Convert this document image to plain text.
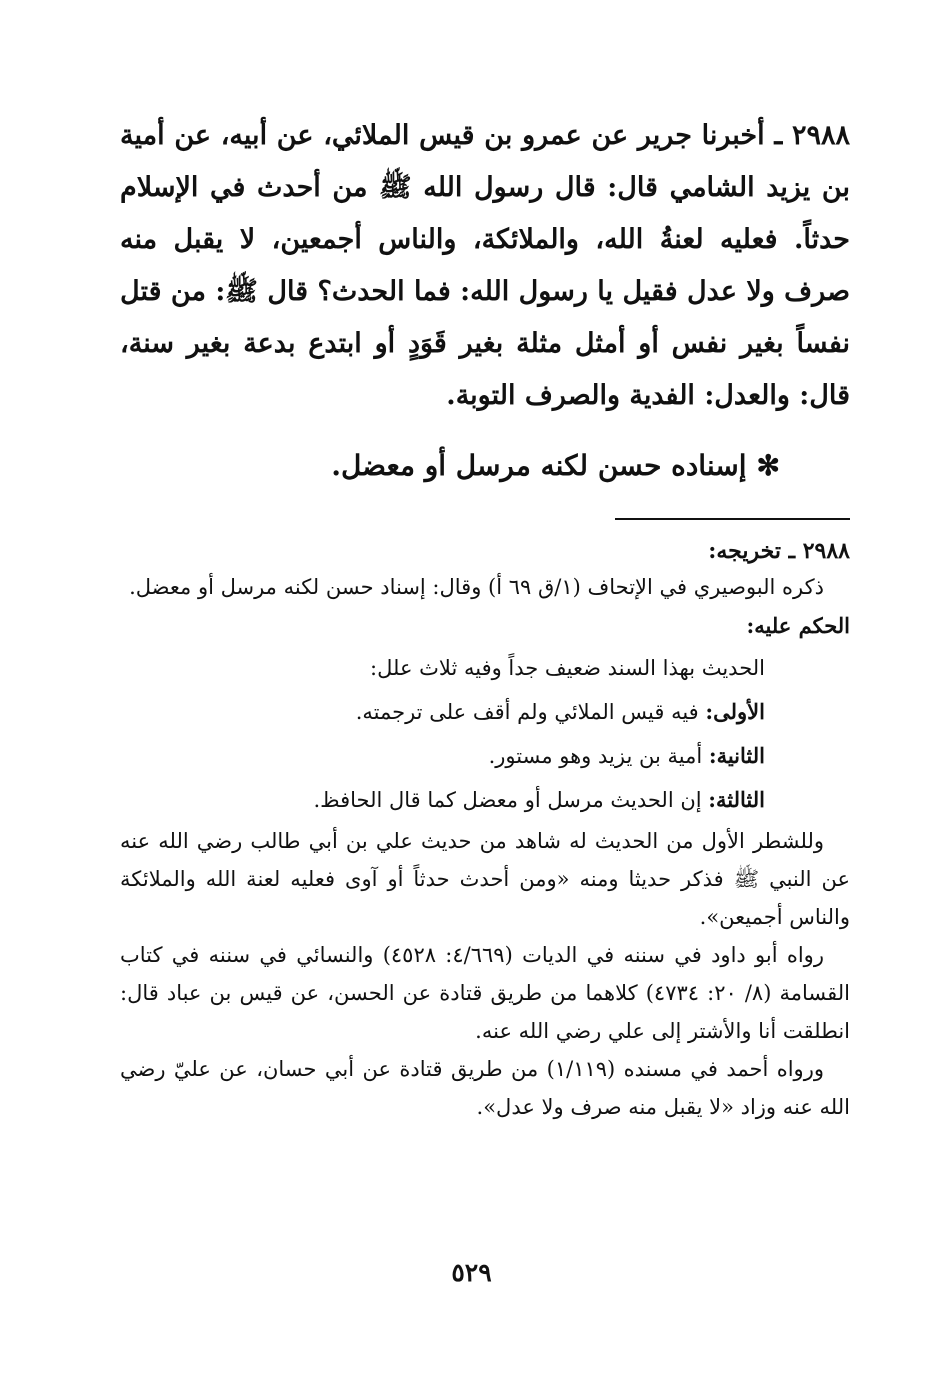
٢٩٨٨ ـ أخبرنا جرير عن عمرو بن قيس الملائي، عن أبيه، عن أمية بن يزيد الشامي قال: قال رسول الله ﷺ من أحدث في الإسلام حدثاً. فعليه لعنةُ الله، والملائكة، والناس أجمعين، لا يقبل منه صرف ولا عدل فقيل يا رسول الله: فما الحدث؟ قال ﷺ: من قتل نفساً بغير نفس أو أمثل مثلة بغير قَوَدٍ أو ابتدع بدعة بغير سنة، قال: والعدل: الفدية والصرف التوبة.

✻إسناده حسن لكنه مرسل أو معضل.
٢٩٨٨ ـ تخريجه:

ذكره البوصيري في الإتحاف (١/ق ٦٩ أ) وقال: إسناد حسن لكنه مرسل أو معضل.

الحكم عليه:

الحديث بهذا السند ضعيف جداً وفيه ثلاث علل:
الأولى: فيه قيس الملائي ولم أقف على ترجمته.
الثانية: أمية بن يزيد وهو مستور.
الثالثة: إن الحديث مرسل أو معضل كما قال الحافظ.

وللشطر الأول من الحديث له شاهد من حديث علي بن أبي طالب رضي الله عنه عن النبي ﷺ فذكر حديثا ومنه «ومن أحدث حدثاً أو آوى فعليه لعنة الله والملائكة والناس أجميعن».

رواه أبو داود في سننه في الديات (٤/٦٦٩: ٤٥٢٨) والنسائي في سننه في كتاب القسامة (٨/ ٢٠: ٤٧٣٤) كلاهما من طريق قتادة عن الحسن، عن قيس بن عباد قال: انطلقت أنا والأشتر إلى علي رضي الله عنه.

ورواه أحمد في مسنده (١/١١٩) من طريق قتادة عن أبي حسان، عن عليّ رضي الله عنه وزاد «لا يقبل منه صرف ولا عدل».

٥٢٩
